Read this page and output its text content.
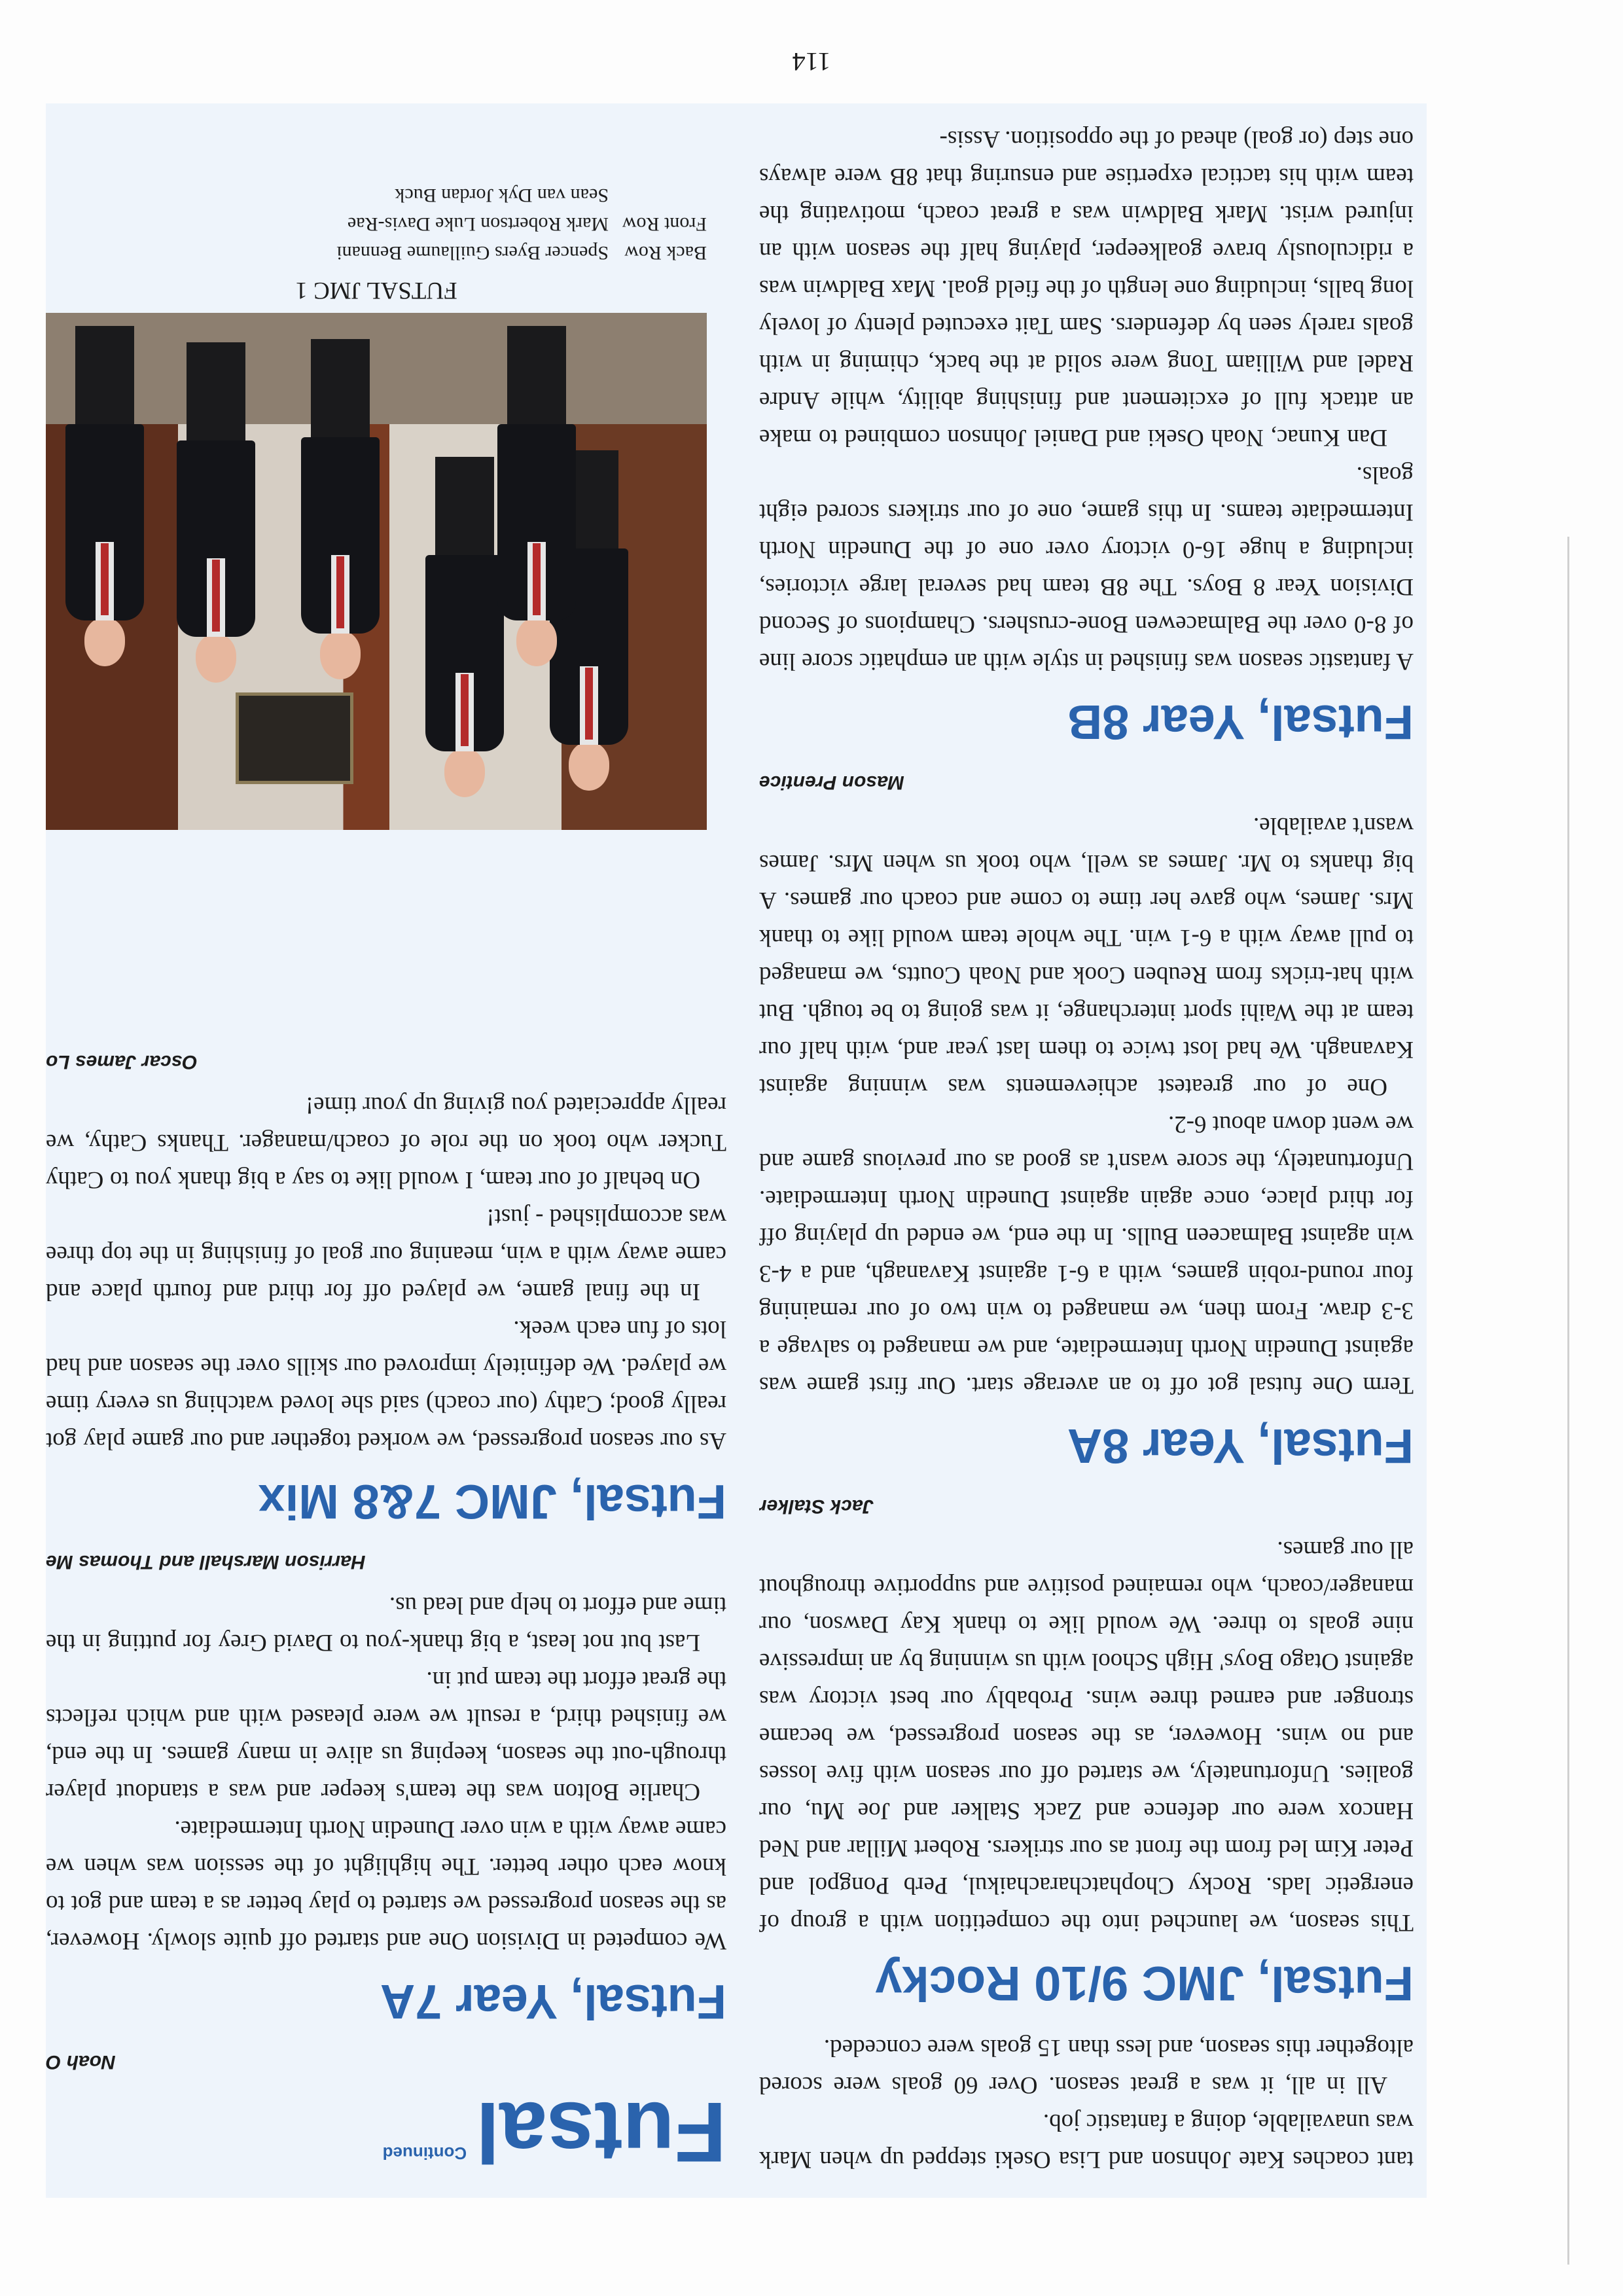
tant coaches Kate Johnson and Lisa Oseki stepped up when Mark was unavailable, doing a fantastic job.

All in all, it was a great season. Over 60 goals were scored altogether this season, and less than 15 goals were conceded.

Futsal, JMC 9/10 Rocky

This season, we launched into the competition with a group of energetic lads. Rocky Chophatcharachaikul, Perb Pongpol and Peter Kim led from the front as our strikers. Robert Millar and Ned Hancox were our defence and Zack Stalker and Joe Mu, our goalies. Unfortunately, we started off our season with five losses and no wins. However, as the season progressed, we became stronger and earned three wins. Probably our best victory was against Otago Boys' High School with us winning by an impressive nine goals to three. We would like to thank Kay Dawson, our manager/coach, who remained positive and supportive throughout all our games.

Jack Stalker
Futsal, Year 8A

Term One futsal got off to an average start. Our first game was against Dunedin North Intermediate, and we managed to salvage a 3-3 draw. From then, we managed to win two of our remaining four round-robin games, with a 6-1 against Kavanagh, and a 4-3 win against Balmaceen Bulls. In the end, we ended up playing off for third place, once again against Dunedin North Intermediate. Unfortunately, the score wasn't as good as our previous game and we went down about 6-2.

One of our greatest achievements was winning against Kavanagh. We had lost twice to them last year and, with half our team at the Waihi sport interchange, it was going to be tough. But with hat-tricks from Reuben Cook and Noah Coutts, we managed to pull away with a 6-1 win. The whole team would like to thank Mrs. James, who gave her time to come and coach our games. A big thanks to Mr. James as well, who took us when Mrs. James wasn't available.

Mason Prentice
Futsal, Year 8B

A fantastic season was finished in style with an emphatic score line of 8-0 over the Balmacewen Bone-crushers. Champions of Second Division Year 8 Boys. The 8B team had several large victories, including a huge 16-0 victory over one of the Dunedin North Intermediate teams. In this game, one of our strikers scored eight goals.

Dan Kunac, Noah Oseki and Daniel Johnson combined to make an attack full of excitement and finishing ability, while Andre Radel and William Tong were solid at the back, chiming in with goals rarely seen by defenders. Sam Tait executed plenty of lovely long balls, including one length of the field goal. Max Baldwin was a ridiculously brave goalkeeper, playing half the season with an injured wrist. Mark Baldwin was a great coach, motivating the team with his tactical expertise and ensuring that 8B were always one step (or goal) ahead of the opposition. Assis-

Futsal
Continued
Noah O
Futsal, Year 7A

We competed in Division One and started off quite slowly. However, as the season progressed we started to play better as a team and got to know each other better. The highlight of the session was when we came away with a win over Dunedin North Intermediate.

Charlie Bolton was the team's keeper and was a standout player through-out the season, keeping us alive in many games. In the end, we finished third, a result we were pleased with and which reflects the great effort the team put in.

Last but not least, a big thank-you to David Grey for putting in the time and effort to help and lead us.

Harrison Marshall and Thomas Me
Futsal, JMC 7&8 Mix

As our season progressed, we worked together and our game play got really good; Cathy (our coach) said she loved watching us every time we played. We definitely improved our skills over the season and had lots of fun each week.

In the final game, we played off for third and fourth place and came away with a win, meaning our goal of finishing in the top three was accomplished - just!

On behalf of our team, I would like to say a big thank you to Cathy Tucker who took on the role of coach/manager. Thanks Cathy, we really appreciated you giving up your time!

Oscar James Lo

FUTSAL JMC 1

Back Row
Spencer Byers Guillaume Bennani
Front Row
Mark Robertson Luke Davis-Rae
Sean van Dyk Jordan Buck
114
